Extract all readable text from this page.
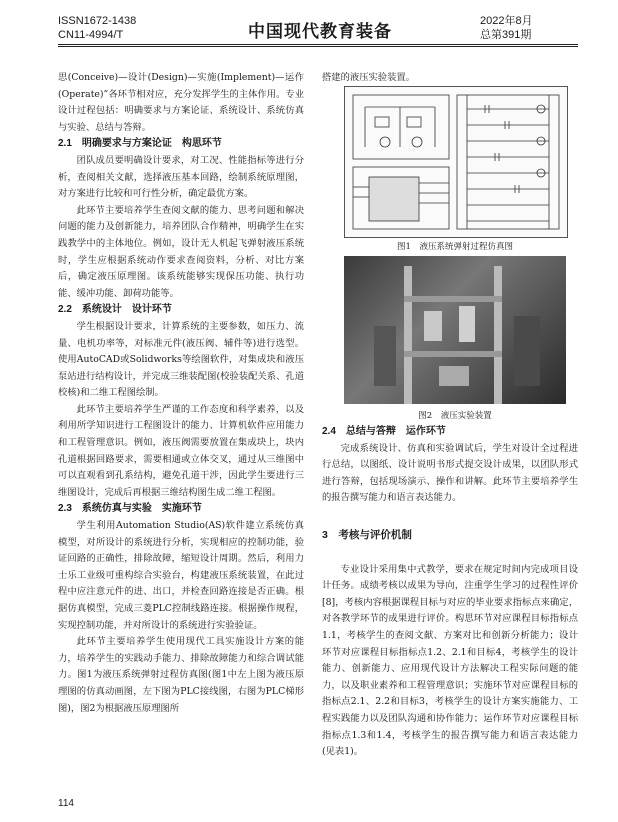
ISSN1672-1438
CN11-4994/T	中国现代教育装备
2022年8月
总第391期

思(Conceive)—设计(Design)—实施(Implement)—运作(Operate)”各环节相对应，充分发挥学生的主体作用。专业设计过程包括：明确要求与方案论证、系统设计、系统仿真与实验、总结与答辩。

2.1　明确要求与方案论证　构思环节

团队成员要明确设计要求，对工况、性能指标等进行分析，查阅相关文献，选择液压基本回路，绘制系统原理图，对方案进行比较和可行性分析，确定最优方案。

此环节主要培养学生查阅文献的能力、思考问题和解决问题的能力及创新能力，培养团队合作精神，明确学生在实践教学中的主体地位。例如，设计无人机起飞弹射液压系统时，学生应根据系统动作要求查阅资料，分析、对比方案后，确定液压原理图。该系统能够实现保压功能、执行功能、缓冲功能、卸荷功能等。

2.2　系统设计　设计环节

学生根据设计要求，计算系统的主要参数，如压力、流量、电机功率等，对标准元件(液压阀、辅件等)进行选型。使用AutoCAD或Solidworks等绘图软件，对集成块和液压泵站进行结构设计，并完成三维装配图(校验装配关系、孔道校核)和二维工程图绘制。

此环节主要培养学生严谨的工作态度和科学素养，以及利用所学知识进行工程图设计的能力、计算机软件应用能力和工程管理意识。例如，液压阀需要放置在集成块上，块内孔道根据回路要求，需要相通或立体交叉，通过从三维图中可以直观看到孔系结构，避免孔道干涉，因此学生要进行三维图设计，完成后再根据三维结构图生成二维工程图。

2.3　系统仿真与实验　实施环节

学生利用Automation Studio(AS)软件建立系统仿真模型，对所设计的系统进行分析，实现相应的控制功能，验证回路的正确性，排除故障，缩短设计周期。然后，利用力士乐工业级可重构综合实验台，构建液压系统装置，在此过程中应注意元件的进、出口，并检查回路连接是否正确。根据仿真模型，完成三菱PLC控制线路连接。根据操作规程，实现控制功能，并对所设计的系统进行实验验证。

此环节主要培养学生使用现代工具实施设计方案的能力，培养学生的实践动手能力、排除故障能力和综合调试能力。图1为液压系统弹射过程仿真图(图1中左上图为液压原理图的仿真动画图，左下图为PLC接线图，右图为PLC梯形图)，图2为根据液压原理图所

搭建的液压实验装置。

图1　液压系统弹射过程仿真图
图2　液压实验装置

2.4　总结与答辩　运作环节

完成系统设计、仿真和实验调试后，学生对设计全过程进行总结，以图纸、设计说明书形式提交设计成果，以团队形式进行答辩，包括现场演示、操作和讲解。此环节主要培养学生的报告撰写能力和语言表达能力。

3　考核与评价机制

专业设计采用集中式教学，要求在规定时间内完成项目设计任务。成绩考核以成果为导向，注重学生学习的过程性评价[8]，考核内容根据课程目标与对应的毕业要求指标点来确定，对各教学环节的成果进行评价。构思环节对应课程目标指标点1.1，考核学生的查阅文献、方案对比和创新分析能力；设计环节对应课程目标指标点1.2、2.1和目标4，考核学生的设计能力、创新能力、应用现代设计方法解决工程实际问题的能力，以及职业素养和工程管理意识；实施环节对应课程目标的指标点2.1、2.2和目标3，考核学生的设计方案实施能力、工程实践能力以及团队沟通和协作能力；运作环节对应课程目标指标点1.3和1.4，考核学生的报告撰写能力和语言表达能力(见表1)。

114
